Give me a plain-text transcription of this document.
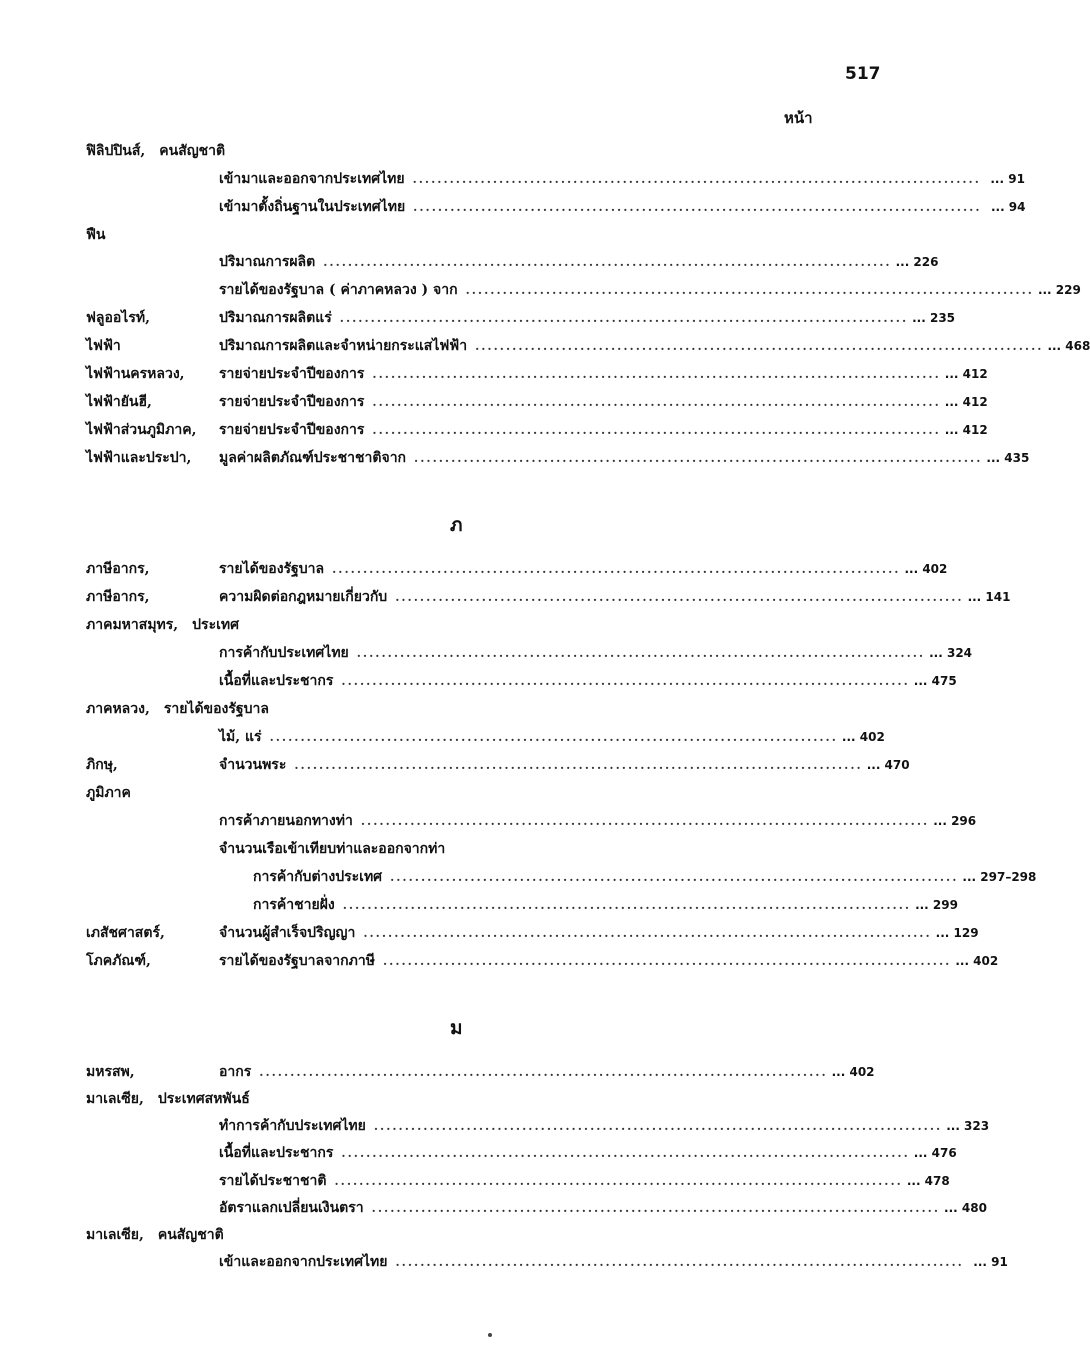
517
หน้า
ภ
ม
ฟิลิปปินส์, คนสัญชาติ
เข้ามาและออกจากประเทศไทย ............................................................................................ ... 91
เข้ามาตั้งถิ่นฐานในประเทศไทย ............................................................................................ ... 94
ฟืน
ปริมาณการผลิต ............................................................................................ ... 226
รายได้ของรัฐบาล ( ค่าภาคหลวง ) จาก ............................................................................................ ... 229
ฟลูออไรท์,	ปริมาณการผลิตแร่ ............................................................................................ ... 235
ไฟฟ้า	ปริมาณการผลิตและจำหน่ายกระแสไฟฟ้า ............................................................................................ ... 468
ไฟฟ้านครหลวง, รายจ่ายประจำปีของการ ............................................................................................ ... 412
ไฟฟ้ายันฮี,	รายจ่ายประจำปีของการ ............................................................................................ ... 412
ไฟฟ้าส่วนภูมิภาค, รายจ่ายประจำปีของการ ............................................................................................ ... 412
ไฟฟ้าและประปา, มูลค่าผลิตภัณฑ์ประชาชาติจาก ............................................................................................ ... 435
ภาษีอากร,	รายได้ของรัฐบาล ............................................................................................ ... 402
ภาษีอากร,	ความผิดต่อกฎหมายเกี่ยวกับ ............................................................................................ ... 141
ภาคมหาสมุทร, ประเทศ
การค้ากับประเทศไทย ............................................................................................ ... 324
เนื้อที่และประชากร ............................................................................................ ... 475
ภาคหลวง, รายได้ของรัฐบาล
ไม้, แร่ ............................................................................................ ... 402
ภิกษุ,	จำนวนพระ ............................................................................................ ... 470
ภูมิภาค
การค้าภายนอกทางท่า ............................................................................................ ... 296
จำนวนเรือเข้าเทียบท่าและออกจากท่า
การค้ากับต่างประเทศ ............................................................................................ ... 297–298
การค้าชายฝั่ง ............................................................................................ ... 299
เภสัชศาสตร์,	จำนวนผู้สำเร็จปริญญา ............................................................................................ ... 129
โภคภัณฑ์,	รายได้ของรัฐบาลจากภาษี ............................................................................................ ... 402
มหรสพ,	อากร ............................................................................................ ... 402
มาเลเซีย, ประเทศสหพันธ์
ทำการค้ากับประเทศไทย ............................................................................................ ... 323
เนื้อที่และประชากร ............................................................................................ ... 476
รายได้ประชาชาติ ............................................................................................ ... 478
อัตราแลกเปลี่ยนเงินตรา ............................................................................................ ... 480
มาเลเซีย, คนสัญชาติ
เข้าและออกจากประเทศไทย ............................................................................................ ... 91
